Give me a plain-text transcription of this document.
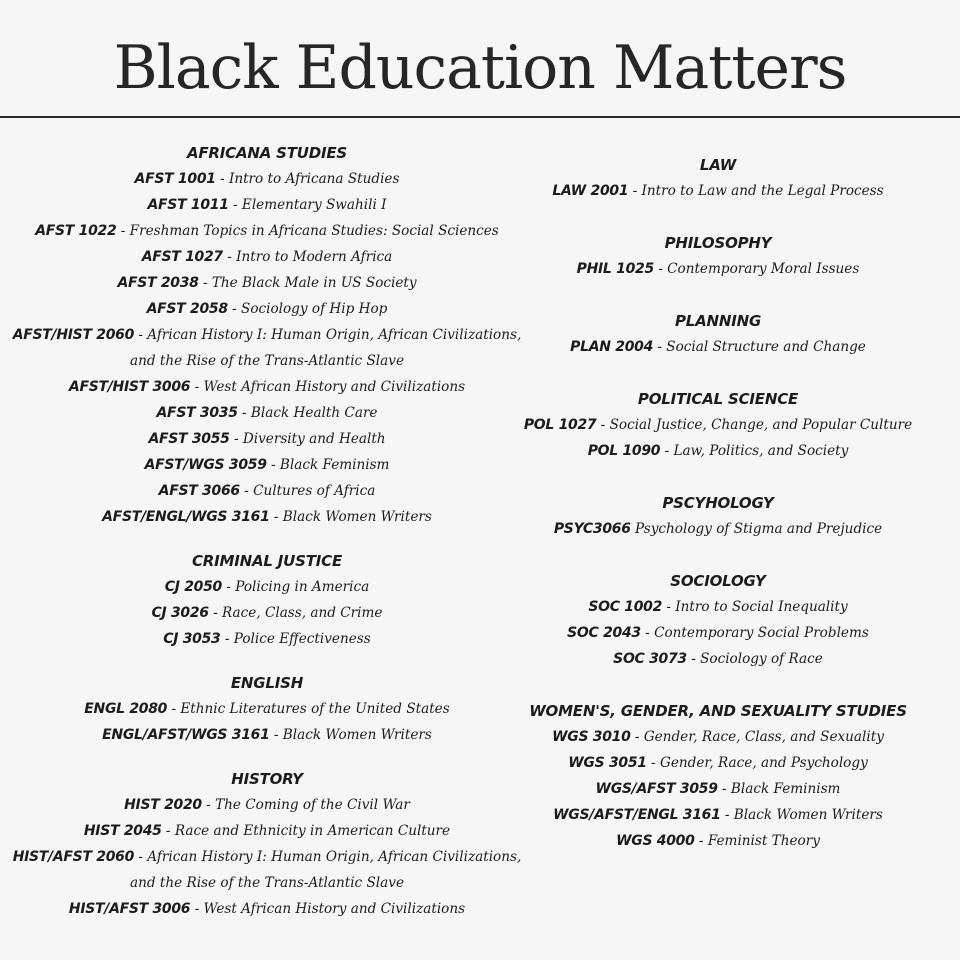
Black Education Matters
AFRICANA STUDIES
AFST 1001 - Intro to Africana Studies
AFST 1011 - Elementary Swahili I
AFST 1022 - Freshman Topics in Africana Studies: Social Sciences
AFST 1027 - Intro to Modern Africa
AFST 2038 - The Black Male in US Society
AFST 2058 - Sociology of Hip Hop
AFST/HIST 2060 - African History I: Human Origin, African Civilizations, and the Rise of the Trans-Atlantic Slave
AFST/HIST 3006 - West African History and Civilizations
AFST 3035 - Black Health Care
AFST 3055 - Diversity and Health
AFST/WGS 3059 - Black Feminism
AFST 3066 - Cultures of Africa
AFST/ENGL/WGS 3161 - Black Women Writers
CRIMINAL JUSTICE
CJ 2050 - Policing in America
CJ 3026 - Race, Class, and Crime
CJ 3053 - Police Effectiveness
ENGLISH
ENGL 2080 - Ethnic Literatures of the United States
ENGL/AFST/WGS 3161 - Black Women Writers
HISTORY
HIST 2020 - The Coming of the Civil War
HIST 2045 - Race and Ethnicity in American Culture
HIST/AFST 2060 - African History I: Human Origin, African Civilizations, and the Rise of the Trans-Atlantic Slave
HIST/AFST 3006 - West African History and Civilizations
LAW
LAW 2001 - Intro to Law and the Legal Process
PHILOSOPHY
PHIL 1025 - Contemporary Moral Issues
PLANNING
PLAN 2004 - Social Structure and Change
POLITICAL SCIENCE
POL 1027 - Social Justice, Change, and Popular Culture
POL 1090 - Law, Politics, and Society
PSCYHOLOGY
PSYC3066 Psychology of Stigma and Prejudice
SOCIOLOGY
SOC 1002 - Intro to Social Inequality
SOC 2043 - Contemporary Social Problems
SOC 3073 - Sociology of Race
WOMEN'S, GENDER, AND SEXUALITY STUDIES
WGS 3010 - Gender, Race, Class, and Sexuality
WGS 3051 - Gender, Race, and Psychology
WGS/AFST 3059 - Black Feminism
WGS/AFST/ENGL 3161 - Black Women Writers
WGS 4000 - Feminist Theory
